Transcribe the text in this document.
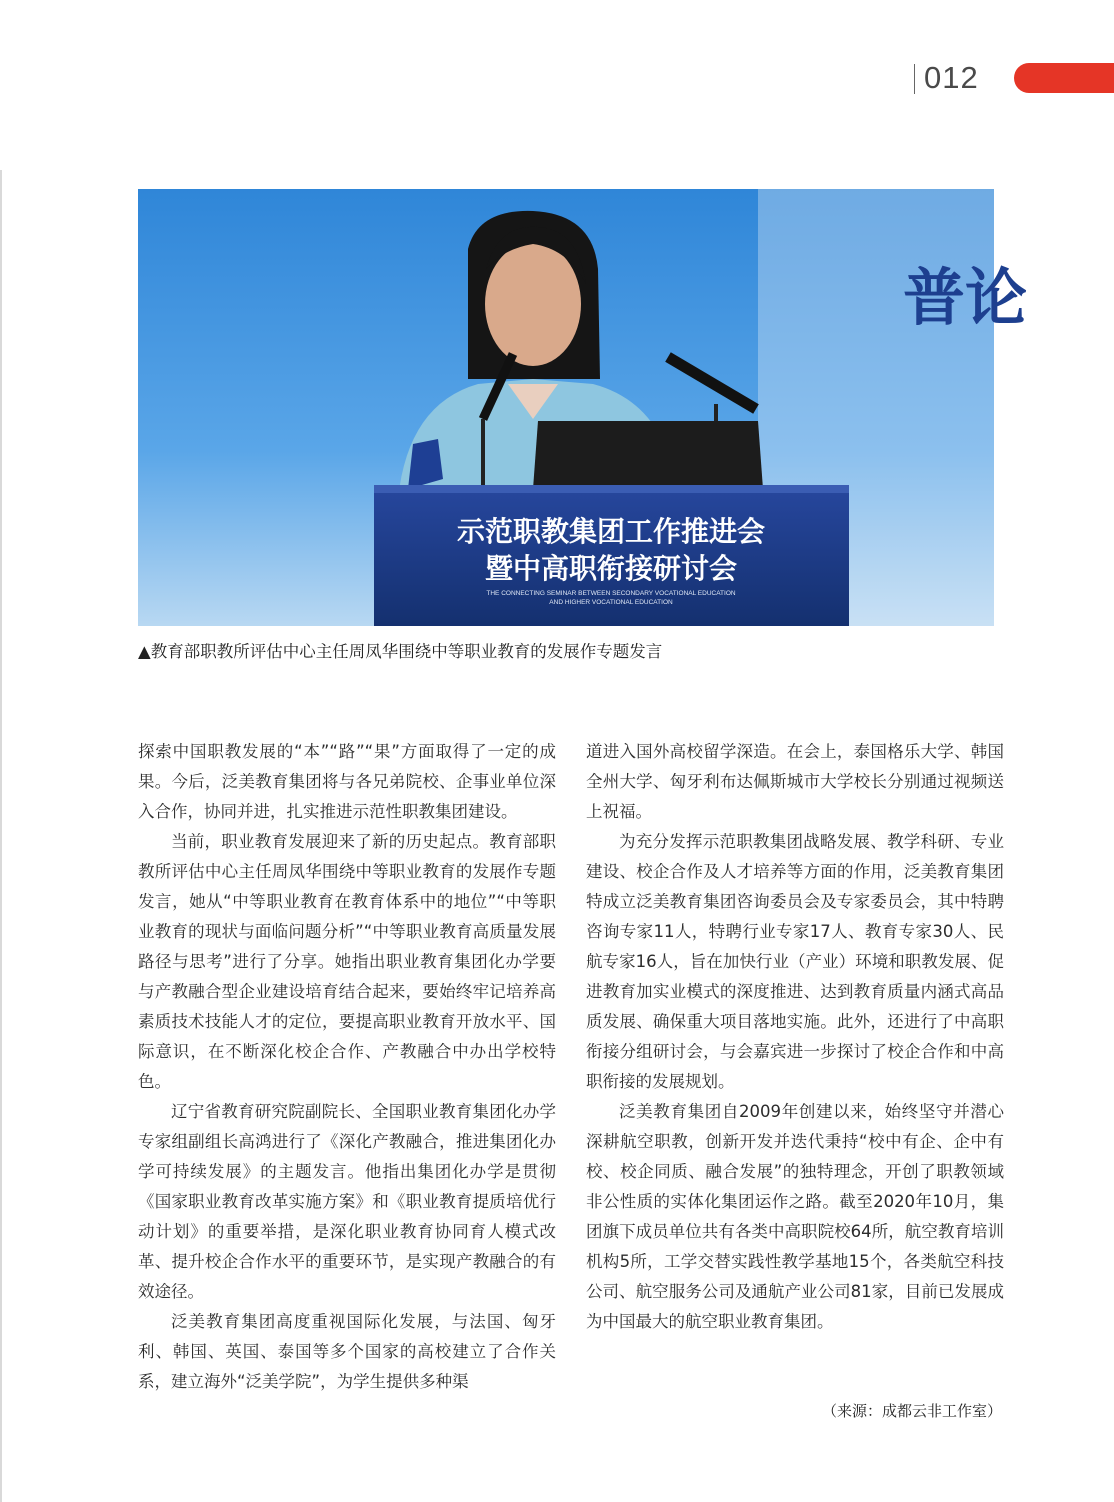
012
普论
示范职教集团工作推进会
暨中高职衔接研讨会
THE CONNECTING SEMINAR BETWEEN SECONDARY VOCATIONAL EDUCATION
AND HIGHER VOCATIONAL EDUCATION
▲教育部职教所评估中心主任周凤华围绕中等职业教育的发展作专题发言

探索中国职教发展的“本”“路”“果”方面取得了一定的成果。今后，泛美教育集团将与各兄弟院校、企事业单位深入合作，协同并进，扎实推进示范性职教集团建设。

当前，职业教育发展迎来了新的历史起点。教育部职教所评估中心主任周凤华围绕中等职业教育的发展作专题发言，她从“中等职业教育在教育体系中的地位”“中等职业教育的现状与面临问题分析”“中等职业教育高质量发展路径与思考”进行了分享。她指出职业教育集团化办学要与产教融合型企业建设培育结合起来，要始终牢记培养高素质技术技能人才的定位，要提高职业教育开放水平、国际意识，在不断深化校企合作、产教融合中办出学校特色。

辽宁省教育研究院副院长、全国职业教育集团化办学专家组副组长高鸿进行了《深化产教融合，推进集团化办学可持续发展》的主题发言。他指出集团化办学是贯彻《国家职业教育改革实施方案》和《职业教育提质培优行动计划》的重要举措，是深化职业教育协同育人模式改革、提升校企合作水平的重要环节，是实现产教融合的有效途径。

泛美教育集团高度重视国际化发展，与法国、匈牙利、韩国、英国、泰国等多个国家的高校建立了合作关系，建立海外“泛美学院”，为学生提供多种渠

道进入国外高校留学深造。在会上，泰国格乐大学、韩国全州大学、匈牙利布达佩斯城市大学校长分别通过视频送上祝福。

为充分发挥示范职教集团战略发展、教学科研、专业建设、校企合作及人才培养等方面的作用，泛美教育集团特成立泛美教育集团咨询委员会及专家委员会，其中特聘咨询专家11人，特聘行业专家17人、教育专家30人、民航专家16人，旨在加快行业（产业）环境和职教发展、促进教育加实业模式的深度推进、达到教育质量内涵式高品质发展、确保重大项目落地实施。此外，还进行了中高职衔接分组研讨会，与会嘉宾进一步探讨了校企合作和中高职衔接的发展规划。

泛美教育集团自2009年创建以来，始终坚守并潜心深耕航空职教，创新开发并迭代秉持“校中有企、企中有校、校企同质、融合发展”的独特理念，开创了职教领域非公性质的实体化集团运作之路。截至2020年10月，集团旗下成员单位共有各类中高职院校64所，航空教育培训机构5所，工学交替实践性教学基地15个，各类航空科技公司、航空服务公司及通航产业公司81家，目前已发展成为中国最大的航空职业教育集团。

（来源：成都云非工作室）
